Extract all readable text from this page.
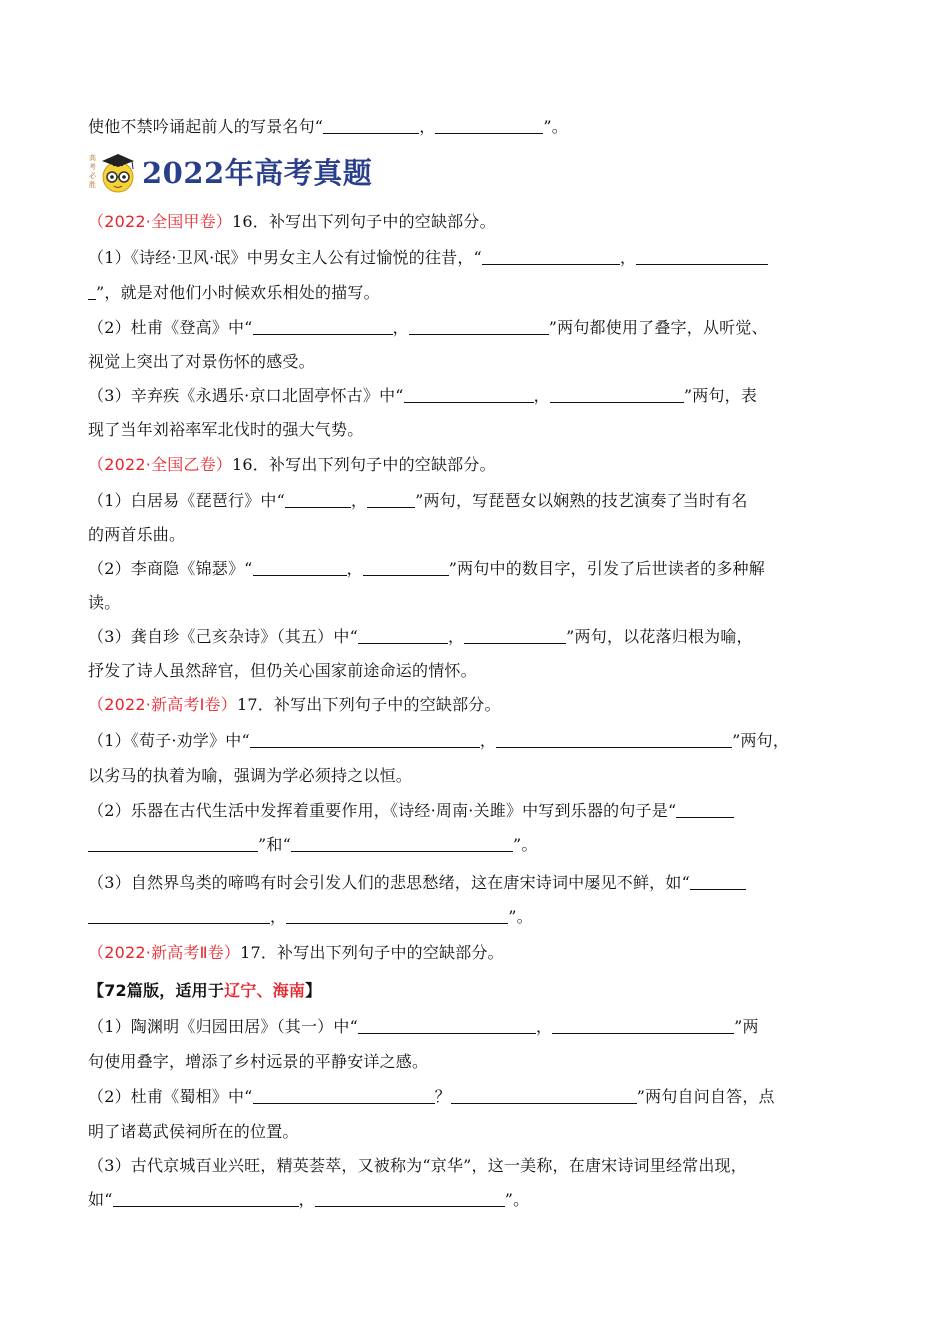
使他不禁吟诵起前人的写景名句“	，	”。
高
考
必
胜 2022年高考真题
（2022·全国甲卷）16．补写出下列句子中的空缺部分。
（1）《诗经·卫风·氓》中男女主人公有过愉悦的往昔，“	，
”，就是对他们小时候欢乐相处的描写。
（2）杜甫《登高》中“	，	”两句都使用了叠字，从听觉、
视觉上突出了对景伤怀的感受。
（3）辛弃疾《永遇乐·京口北固亭怀古》中“	，	”两句，表
现了当年刘裕率军北伐时的强大气势。
（2022·全国乙卷）16．补写出下列句子中的空缺部分。
（1）白居易《琵琶行》中“	，	”两句，写琵琶女以娴熟的技艺演奏了当时有名
的两首乐曲。
（2）李商隐《锦瑟》“	，	”两句中的数目字，引发了后世读者的多种解
读。
（3）龚自珍《己亥杂诗》（其五）中“	，	”两句，以花落归根为喻，
抒发了诗人虽然辞官，但仍关心国家前途命运的情怀。
（2022·新高考Ⅰ卷）17．补写出下列句子中的空缺部分。
（1）《荀子·劝学》中“	，	”两句，
以劣马的执着为喻，强调为学必须持之以恒。
（2）乐器在古代生活中发挥着重要作用，《诗经·周南·关雎》中写到乐器的句子是“
”和“	”。
（3）自然界鸟类的啼鸣有时会引发人们的悲思愁绪，这在唐宋诗词中屡见不鲜，如“
，	”。
（2022·新高考Ⅱ卷）17．补写出下列句子中的空缺部分。
【72篇版，适用于辽宁、海南】
（1）陶渊明《归园田居》（其一）中“	，	”两
句使用叠字，增添了乡村远景的平静安详之感。
（2）杜甫《蜀相》中“	？	”两句自问自答，点
明了诸葛武侯祠所在的位置。
（3）古代京城百业兴旺，精英荟萃，又被称为“京华”，这一美称，在唐宋诗词里经常出现，
如“	，	”。
